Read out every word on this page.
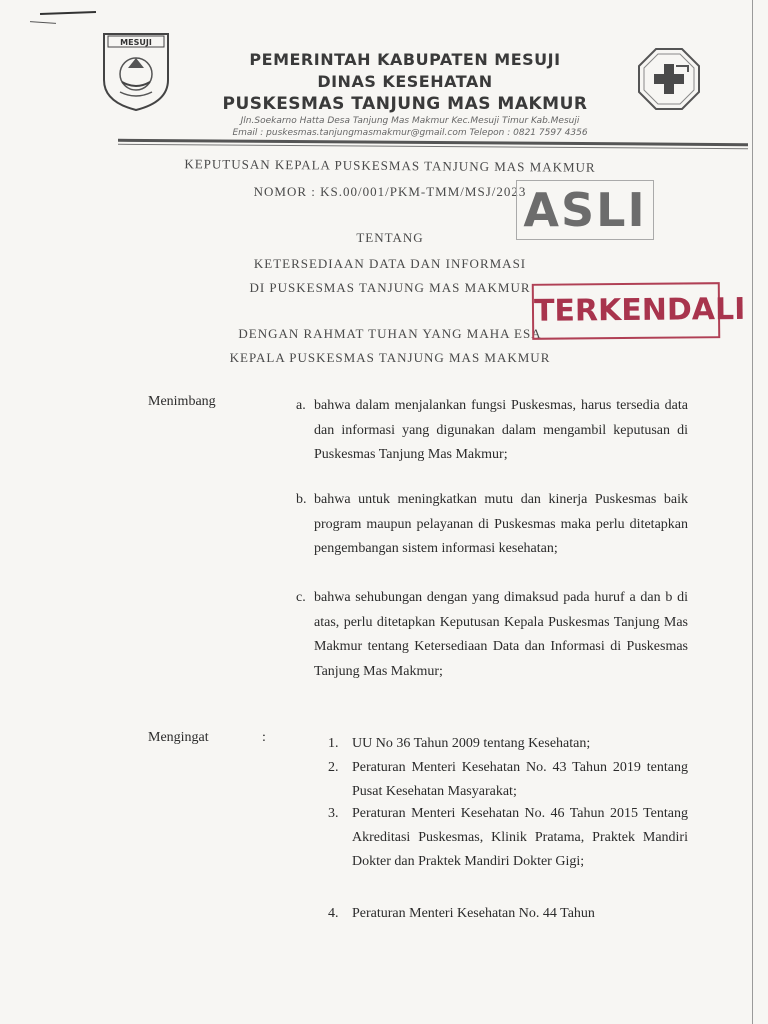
MESUJI
PEMERINTAH KABUPATEN MESUJI
DINAS KESEHATAN
PUSKESMAS TANJUNG MAS MAKMUR
Jln.Soekarno Hatta Desa Tanjung Mas Makmur Kec.Mesuji Timur Kab.Mesuji
Email : puskesmas.tanjungmasmakmur@gmail.com Telepon : 0821 7597 4356
KEPUTUSAN KEPALA PUSKESMAS TANJUNG MAS MAKMUR
NOMOR : KS.00/001/PKM-TMM/MSJ/2023
TENTANG
KETERSEDIAAN DATA DAN INFORMASI
DI PUSKESMAS TANJUNG MAS MAKMUR
DENGAN RAHMAT TUHAN YANG MAHA ESA
KEPALA PUSKESMAS TANJUNG MAS MAKMUR
ASLI
TERKENDALI
Menimbang	a. bahwa dalam menjalankan fungsi Puskesmas, harus tersedia data dan informasi yang digunakan dalam mengambil keputusan di Puskesmas Tanjung Mas Makmur;
b. bahwa untuk meningkatkan mutu dan kinerja Puskesmas baik program maupun pelayanan di Puskesmas maka perlu ditetapkan pengembangan sistem informasi kesehatan;
c. bahwa sehubungan dengan yang dimaksud pada huruf a dan b di atas, perlu ditetapkan Keputusan Kepala Puskesmas Tanjung Mas Makmur tentang Ketersediaan Data dan Informasi di Puskesmas Tanjung Mas Makmur;
Mengingat	:	1. UU No 36 Tahun 2009 tentang Kesehatan;
2. Peraturan Menteri Kesehatan No. 43 Tahun 2019 tentang Pusat Kesehatan Masyarakat;
3. Peraturan Menteri Kesehatan No. 46 Tahun 2015 Tentang Akreditasi Puskesmas, Klinik Pratama, Praktek Mandiri Dokter dan Praktek Mandiri Dokter Gigi;
4. Peraturan Menteri Kesehatan No. 44 Tahun
